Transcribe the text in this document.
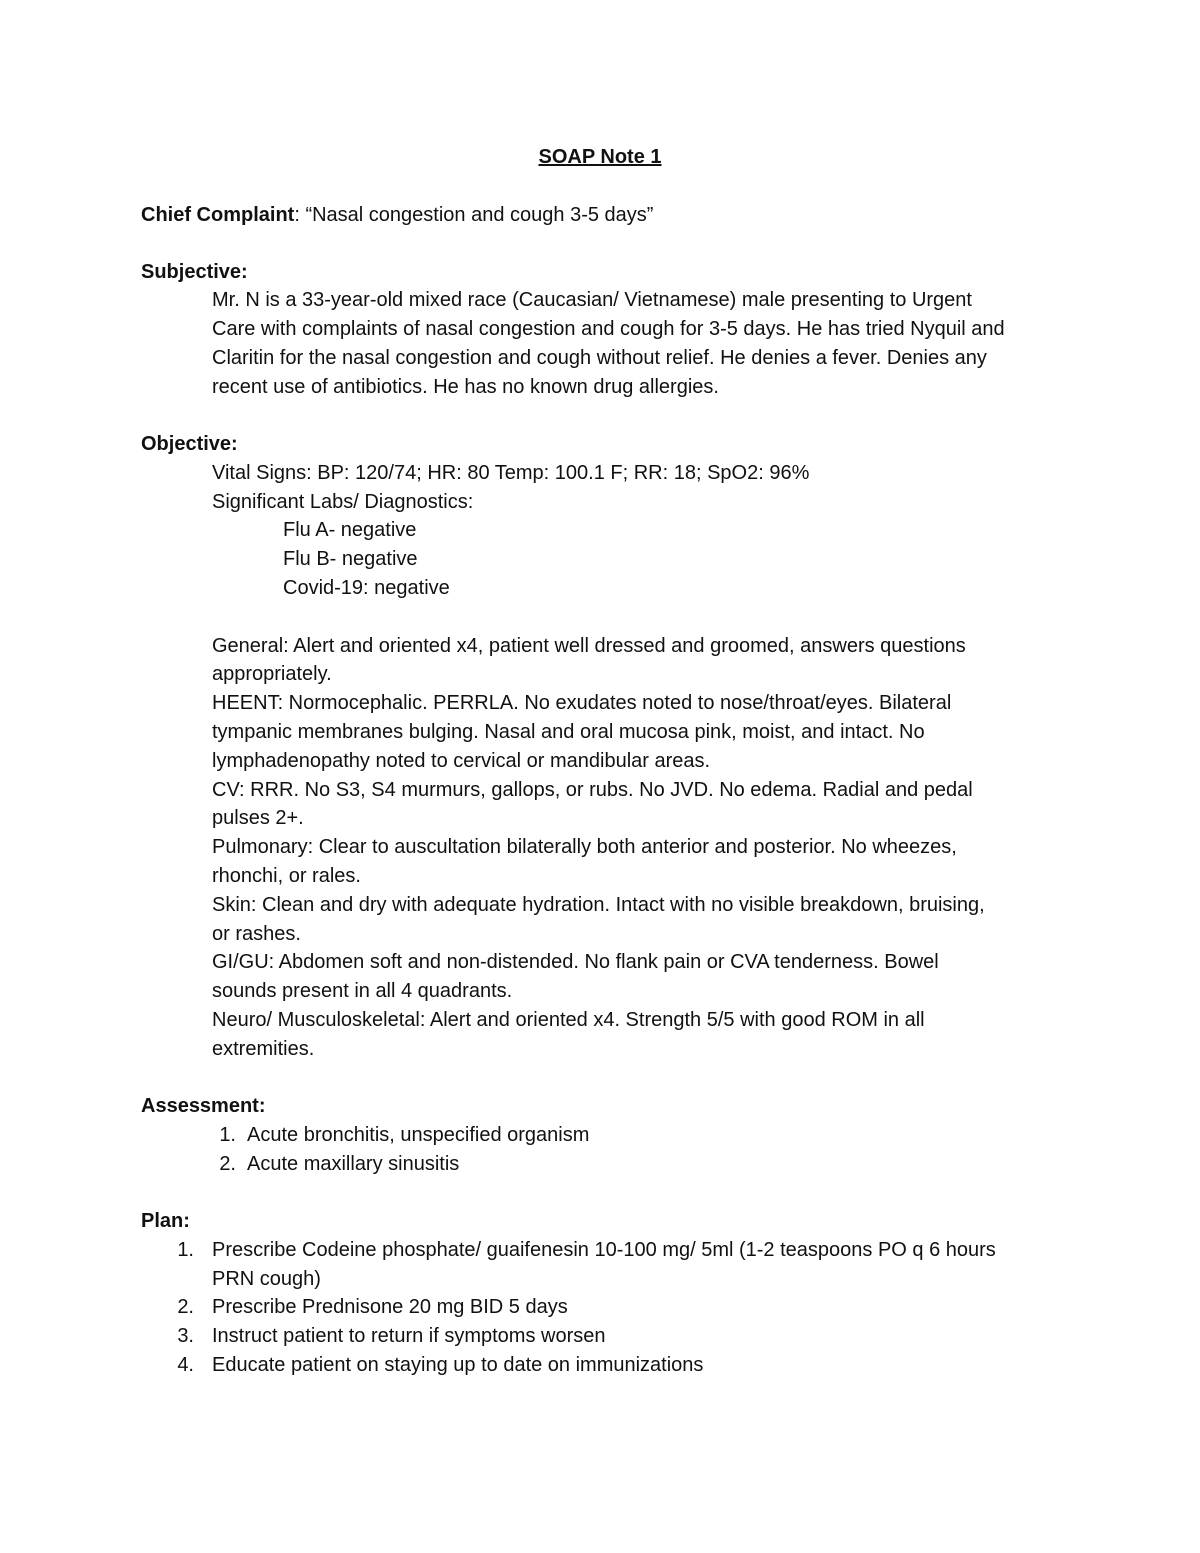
SOAP Note 1
Chief Complaint: “Nasal congestion and cough 3-5 days”
Subjective:
Mr. N is a 33-year-old mixed race (Caucasian/ Vietnamese) male presenting to Urgent
Care with complaints of nasal congestion and cough for 3-5 days. He has tried Nyquil and
Claritin for the nasal congestion and cough without relief. He denies a fever. Denies any
recent use of antibiotics. He has no known drug allergies.
Objective:
Vital Signs: BP: 120/74; HR: 80 Temp: 100.1 F; RR: 18; SpO2: 96%
Significant Labs/ Diagnostics:
Flu A- negative
Flu B- negative
Covid-19: negative
General: Alert and oriented x4, patient well dressed and groomed, answers questions
appropriately.
HEENT: Normocephalic. PERRLA. No exudates noted to nose/throat/eyes. Bilateral
tympanic membranes bulging. Nasal and oral mucosa pink, moist, and intact. No
lymphadenopathy noted to cervical or mandibular areas.
CV: RRR. No S3, S4 murmurs, gallops, or rubs. No JVD. No edema. Radial and pedal
pulses 2+.
Pulmonary: Clear to auscultation bilaterally both anterior and posterior. No wheezes,
rhonchi, or rales.
Skin: Clean and dry with adequate hydration. Intact with no visible breakdown, bruising,
or rashes.
GI/GU: Abdomen soft and non-distended. No flank pain or CVA tenderness. Bowel
sounds present in all 4 quadrants.
Neuro/ Musculoskeletal: Alert and oriented x4. Strength 5/5 with good ROM in all
extremities.
Assessment:
1. Acute bronchitis, unspecified organism
2. Acute maxillary sinusitis
Plan:
1. Prescribe Codeine phosphate/ guaifenesin 10-100 mg/ 5ml (1-2 teaspoons PO q 6 hours
PRN cough)
2. Prescribe Prednisone 20 mg BID 5 days
3. Instruct patient to return if symptoms worsen
4. Educate patient on staying up to date on immunizations
